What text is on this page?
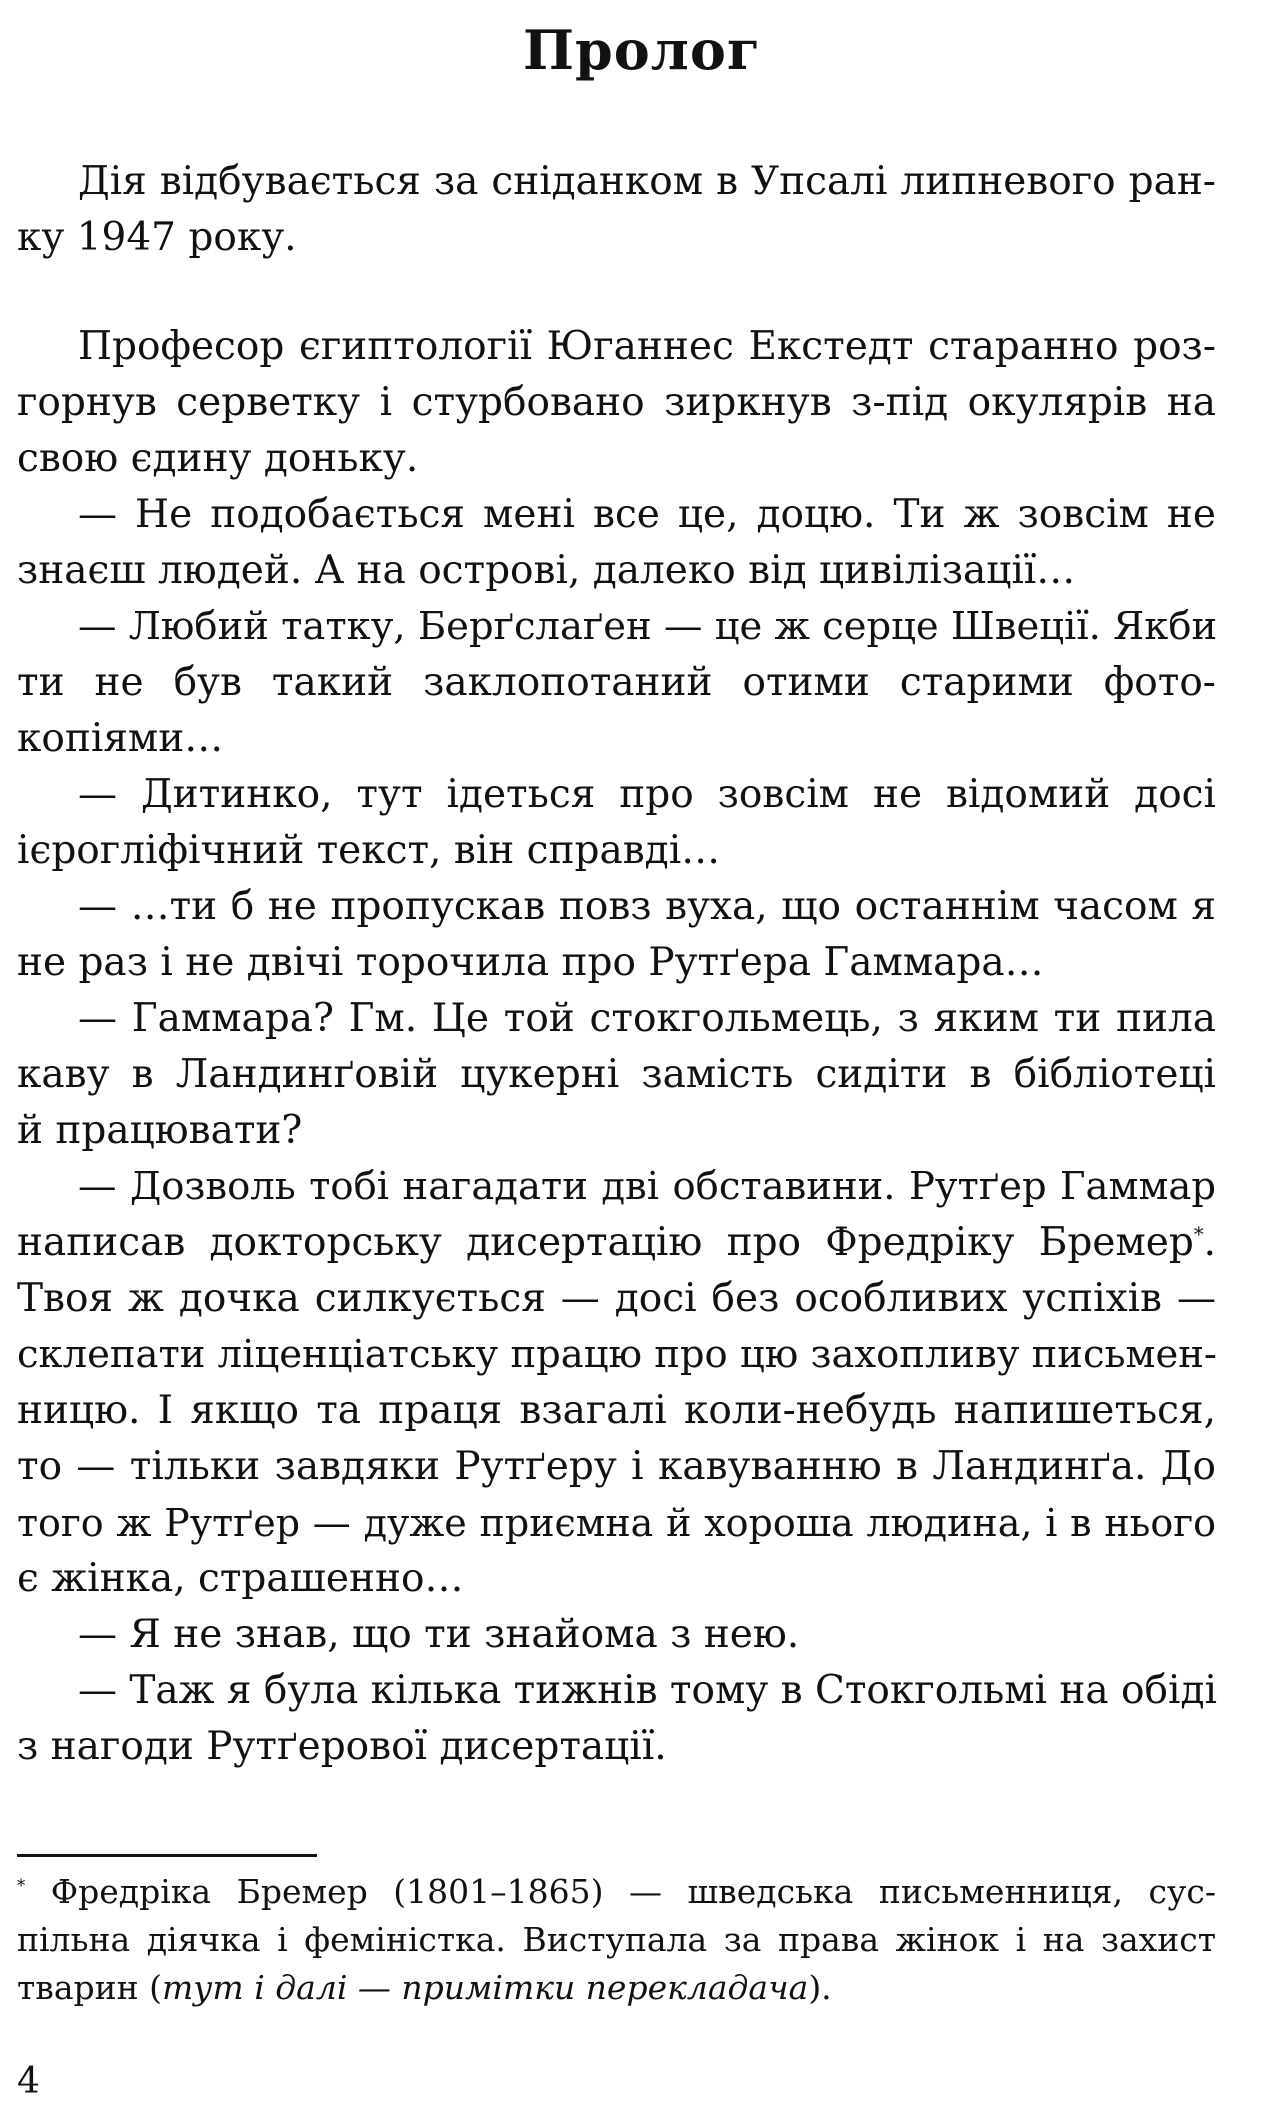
Пролог
Дія відбувається за сніданком в Упсалі липневого ран-
ку 1947 року.
Професор єгиптології Юганнес Екстедт старанно роз-
горнув серветку і стурбовано зиркнув з-під окулярів на
свою єдину доньку.
— Не подобається мені все це, доцю. Ти ж зовсім не
знаєш людей. А на острові, далеко від цивілізації…
— Любий татку, Берґслаґен — це ж серце Швеції. Якби
ти не був такий заклопотаний отими старими фото-
копіями…
— Дитинко, тут ідеться про зовсім не відомий досі
ієрогліфічний текст, він справді…
— …ти б не пропускав повз вуха, що останнім часом я
не раз і не двічі торочила про Рутґера Гаммара…
— Гаммара? Гм. Це той стокгольмець, з яким ти пила
каву в Ландинґовій цукерні замість сидіти в бібліотеці
й працювати?
— Дозволь тобі нагадати дві обставини. Рутґер Гаммар
написав докторську дисертацію про Фредріку Бремер*.
Твоя ж дочка силкується — досі без особливих успіхів —
склепати ліценціатську працю про цю захопливу письмен-
ницю. І якщо та праця взагалі коли-небудь напишеться,
то — тільки завдяки Рутґеру і кавуванню в Ландинґа. До
того ж Рутґер — дуже приємна й хороша людина, і в нього
є жінка, страшенно…
— Я не знав, що ти знайома з нею.
— Таж я була кілька тижнів тому в Стокгольмі на обіді
з нагоди Рутґерової дисертації.
* Фредріка Бремер (1801–1865) — шведська письменниця, сус-
пільна діячка і феміністка. Виступала за права жінок і на захист
тварин (тут і далі — примітки перекладача).
4
